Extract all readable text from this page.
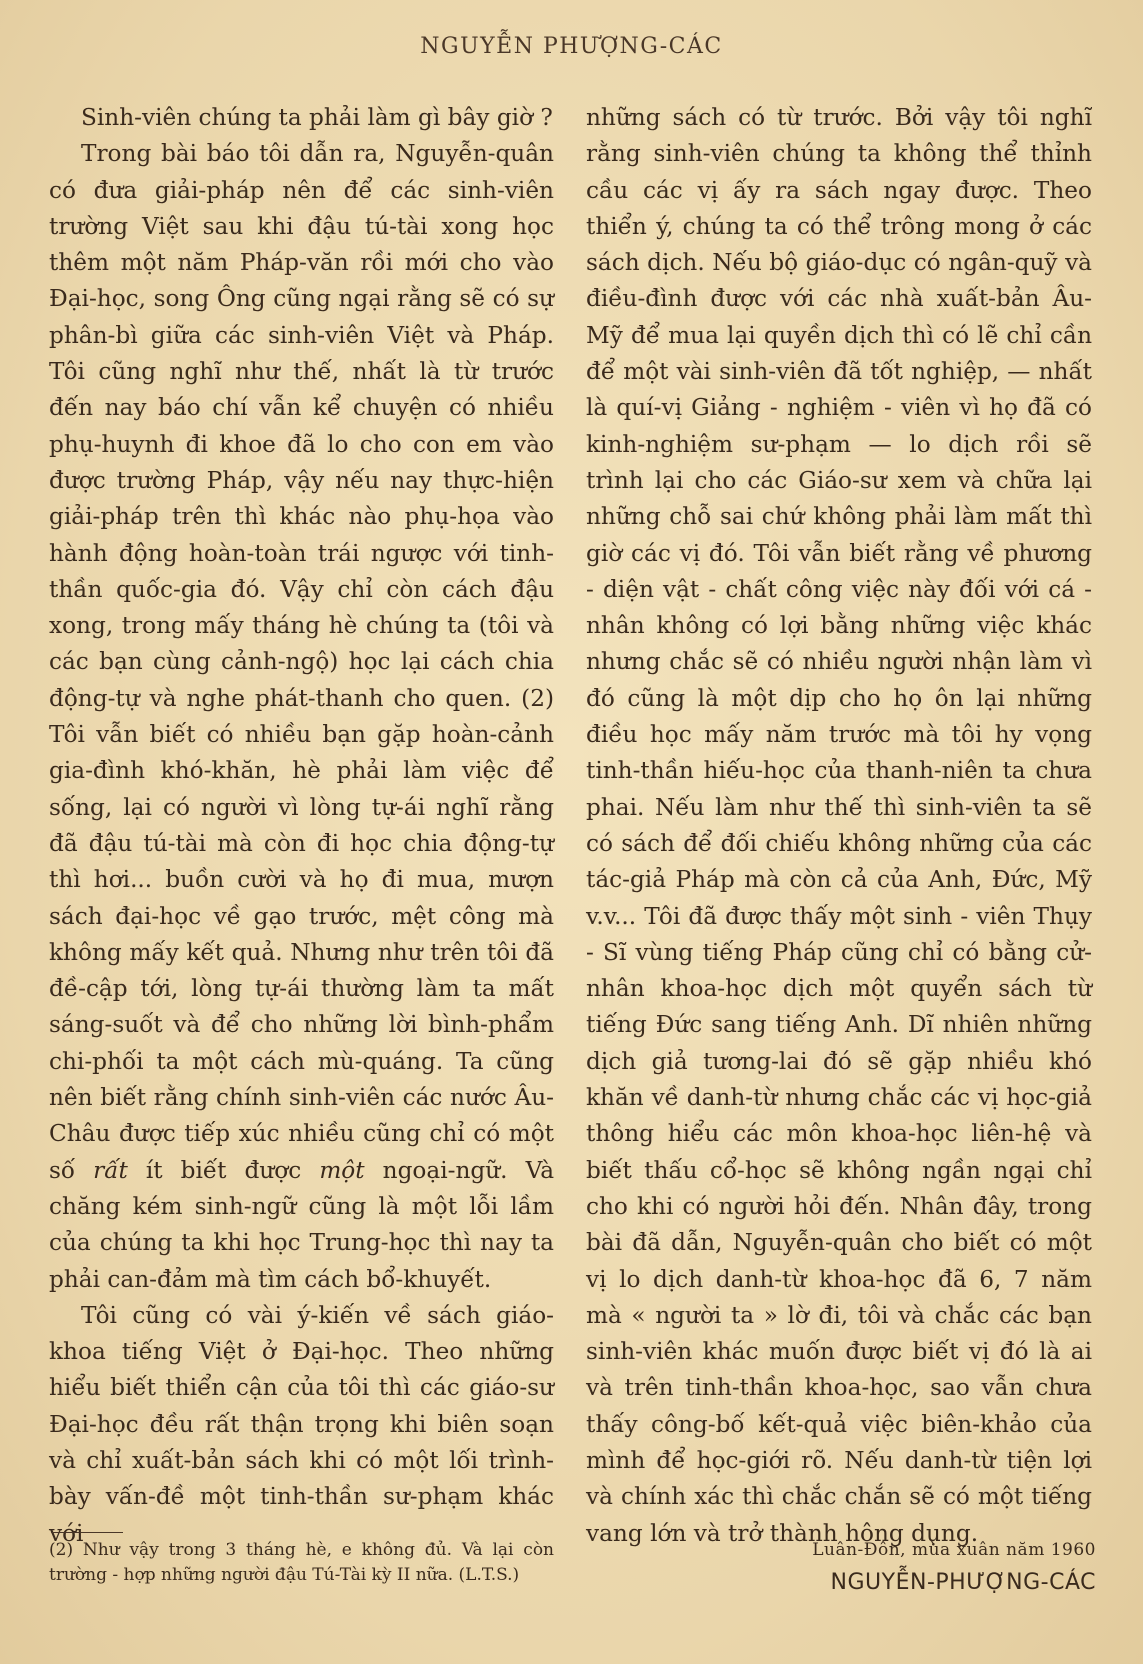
NGUYỄN PHƯỢNG-CÁC

Sinh-viên chúng ta phải làm gì bây giờ ?

Trong bài báo tôi dẫn ra, Nguyễn-quân có đưa giải-pháp nên để các sinh-viên trường Việt sau khi đậu tú-tài xong học thêm một năm Pháp-văn rồi mới cho vào Đại-học, song Ông cũng ngại rằng sẽ có sự phân-bì giữa các sinh-viên Việt và Pháp. Tôi cũng nghĩ như thế, nhất là từ trước đến nay báo chí vẫn kể chuyện có nhiều phụ-huynh đi khoe đã lo cho con em vào được trường Pháp, vậy nếu nay thực-hiện giải-pháp trên thì khác nào phụ-họa vào hành động hoàn-toàn trái ngược với tinh-thần quốc-gia đó. Vậy chỉ còn cách đậu xong, trong mấy tháng hè chúng ta (tôi và các bạn cùng cảnh-ngộ) học lại cách chia động-tự và nghe phát-thanh cho quen. (2) Tôi vẫn biết có nhiều bạn gặp hoàn-cảnh gia-đình khó-khăn, hè phải làm việc để sống, lại có người vì lòng tự-ái nghĩ rằng đã đậu tú-tài mà còn đi học chia động-tự thì hơi... buồn cười và họ đi mua, mượn sách đại-học về gạo trước, mệt công mà không mấy kết quả. Nhưng như trên tôi đã đề-cập tới, lòng tự-ái thường làm ta mất sáng-suốt và để cho những lời bình-phẩm chi-phối ta một cách mù-quáng. Ta cũng nên biết rằng chính sinh-viên các nước Âu-Châu được tiếp xúc nhiều cũng chỉ có một số rất ít biết được một ngoại-ngữ. Và chăng kém sinh-ngữ cũng là một lỗi lầm của chúng ta khi học Trung-học thì nay ta phải can-đảm mà tìm cách bổ-khuyết.

Tôi cũng có vài ý-kiến về sách giáo-khoa tiếng Việt ở Đại-học. Theo những hiểu biết thiển cận của tôi thì các giáo-sư Đại-học đều rất thận trọng khi biên soạn và chỉ xuất-bản sách khi có một lối trình-bày vấn-đề một tinh-thần sư-phạm khác với

(2) Như vậy trong 3 tháng hè, e không đủ. Và lại còn trường - hợp những người đậu Tú-Tài kỳ II nữa. (L.T.S.)

những sách có từ trước. Bởi vậy tôi nghĩ rằng sinh-viên chúng ta không thể thỉnh cầu các vị ấy ra sách ngay được. Theo thiển ý, chúng ta có thể trông mong ở các sách dịch. Nếu bộ giáo-dục có ngân-quỹ và điều-đình được với các nhà xuất-bản Âu-Mỹ để mua lại quyền dịch thì có lẽ chỉ cần để một vài sinh-viên đã tốt nghiệp, — nhất là quí-vị Giảng - nghiệm - viên vì họ đã có kinh-nghiệm sư-phạm — lo dịch rồi sẽ trình lại cho các Giáo-sư xem và chữa lại những chỗ sai chứ không phải làm mất thì giờ các vị đó. Tôi vẫn biết rằng về phương - diện vật - chất công việc này đối với cá - nhân không có lợi bằng những việc khác nhưng chắc sẽ có nhiều người nhận làm vì đó cũng là một dịp cho họ ôn lại những điều học mấy năm trước mà tôi hy vọng tinh-thần hiếu-học của thanh-niên ta chưa phai. Nếu làm như thế thì sinh-viên ta sẽ có sách để đối chiếu không những của các tác-giả Pháp mà còn cả của Anh, Đức, Mỹ v.v... Tôi đã được thấy một sinh - viên Thụy - Sĩ vùng tiếng Pháp cũng chỉ có bằng cử-nhân khoa-học dịch một quyển sách từ tiếng Đức sang tiếng Anh. Dĩ nhiên những dịch giả tương-lai đó sẽ gặp nhiều khó khăn về danh-từ nhưng chắc các vị học-giả thông hiểu các môn khoa-học liên-hệ và biết thấu cổ-học sẽ không ngần ngại chỉ cho khi có người hỏi đến. Nhân đây, trong bài đã dẫn, Nguyễn-quân cho biết có một vị lo dịch danh-từ khoa-học đã 6, 7 năm mà « người ta » lờ đi, tôi và chắc các bạn sinh-viên khác muốn được biết vị đó là ai và trên tinh-thần khoa-học, sao vẫn chưa thấy công-bố kết-quả việc biên-khảo của mình để học-giới rõ. Nếu danh-từ tiện lợi và chính xác thì chắc chắn sẽ có một tiếng vang lớn và trở thành hông dụng.

Luân-Đôn, mùa xuân năm 1960
NGUYỄN-PHƯỢNG-CÁC
